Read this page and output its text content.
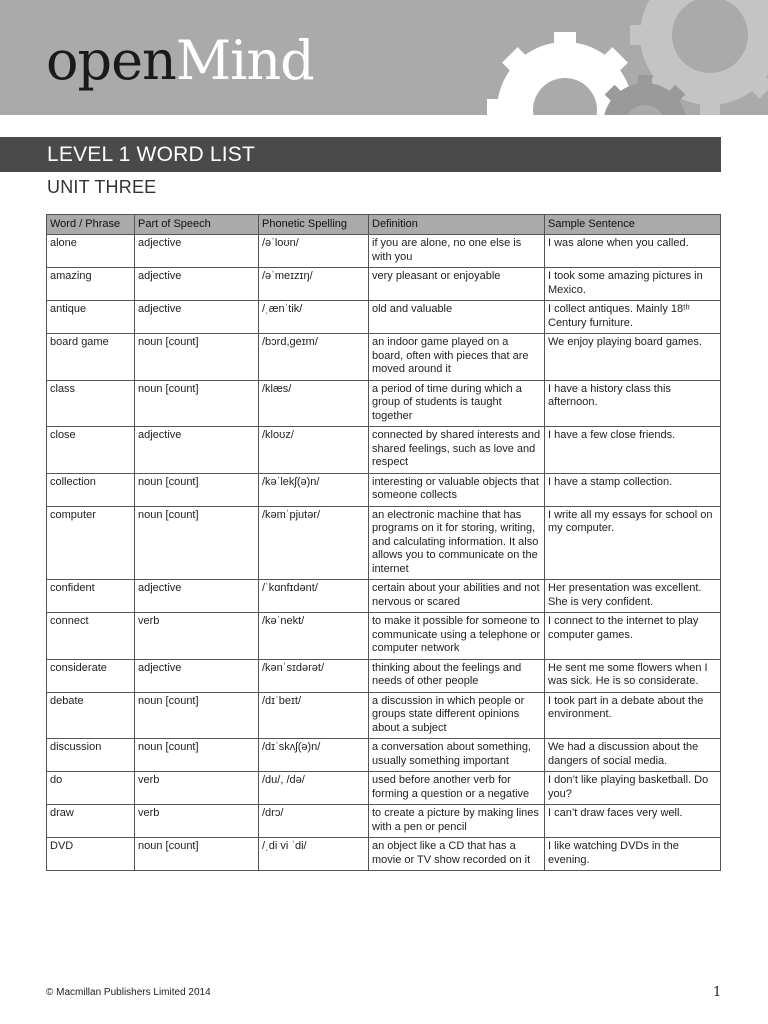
openMind
LEVEL 1 WORD LIST
UNIT THREE
Word / Phrase	Part of Speech	Phonetic Spelling	Definition	Sample Sentence
alone	adjective	/əˈloʊn/	if you are alone, no one else is with you	I was alone when you called.
amazing	adjective	/əˈmeɪzɪŋ/	very pleasant or enjoyable	I took some amazing pictures in Mexico.
antique	adjective	/ˌænˈtik/	old and valuable	I collect antiques. Mainly 18ᵗʰ Century furniture.
board game	noun [count]	/bɔrd,geɪm/	an indoor game played on a board, often with pieces that are moved around it	We enjoy playing board games.
class	noun [count]	/klæs/	a period of time during which a group of students is taught together	I have a history class this afternoon.
close	adjective	/kloʊz/	connected by shared interests and shared feelings, such as love and respect	I have a few close friends.
collection	noun [count]	/kəˈlekʃ(ə)n/	interesting or valuable objects that someone collects	I have a stamp collection.
computer	noun [count]	/kəmˈpjutər/	an electronic machine that has programs on it for storing, writing, and calculating information. It also allows you to communicate on the internet	I write all my essays for school on my computer.
confident	adjective	/ˈkɑnfɪdənt/	certain about your abilities and not nervous or scared	Her presentation was excellent. She is very confident.
connect	verb	/kəˈnekt/	to make it possible for someone to communicate using a telephone or computer network	I connect to the internet to play computer games.
considerate	adjective	/kənˈsɪdərət/	thinking about the feelings and needs of other people	He sent me some flowers when I was sick. He is so considerate.
debate	noun [count]	/dɪˈbeɪt/	a discussion in which people or groups state different opinions about a subject	I took part in a debate about the environment.
discussion	noun [count]	/dɪˈskʌʃ(ə)n/	a conversation about something, usually something important	We had a discussion about the dangers of social media.
do	verb	/du/, /də/	used before another verb for forming a question or a negative	I don’t like playing basketball. Do you?
draw	verb	/drɔ/	to create a picture by making lines with a pen or pencil	I can’t draw faces very well.
DVD	noun [count]	/ˌdi vi ˈdi/	an object like a CD that has a movie or TV show recorded on it	I like watching DVDs in the evening.
© Macmillan Publishers Limited 2014	1
